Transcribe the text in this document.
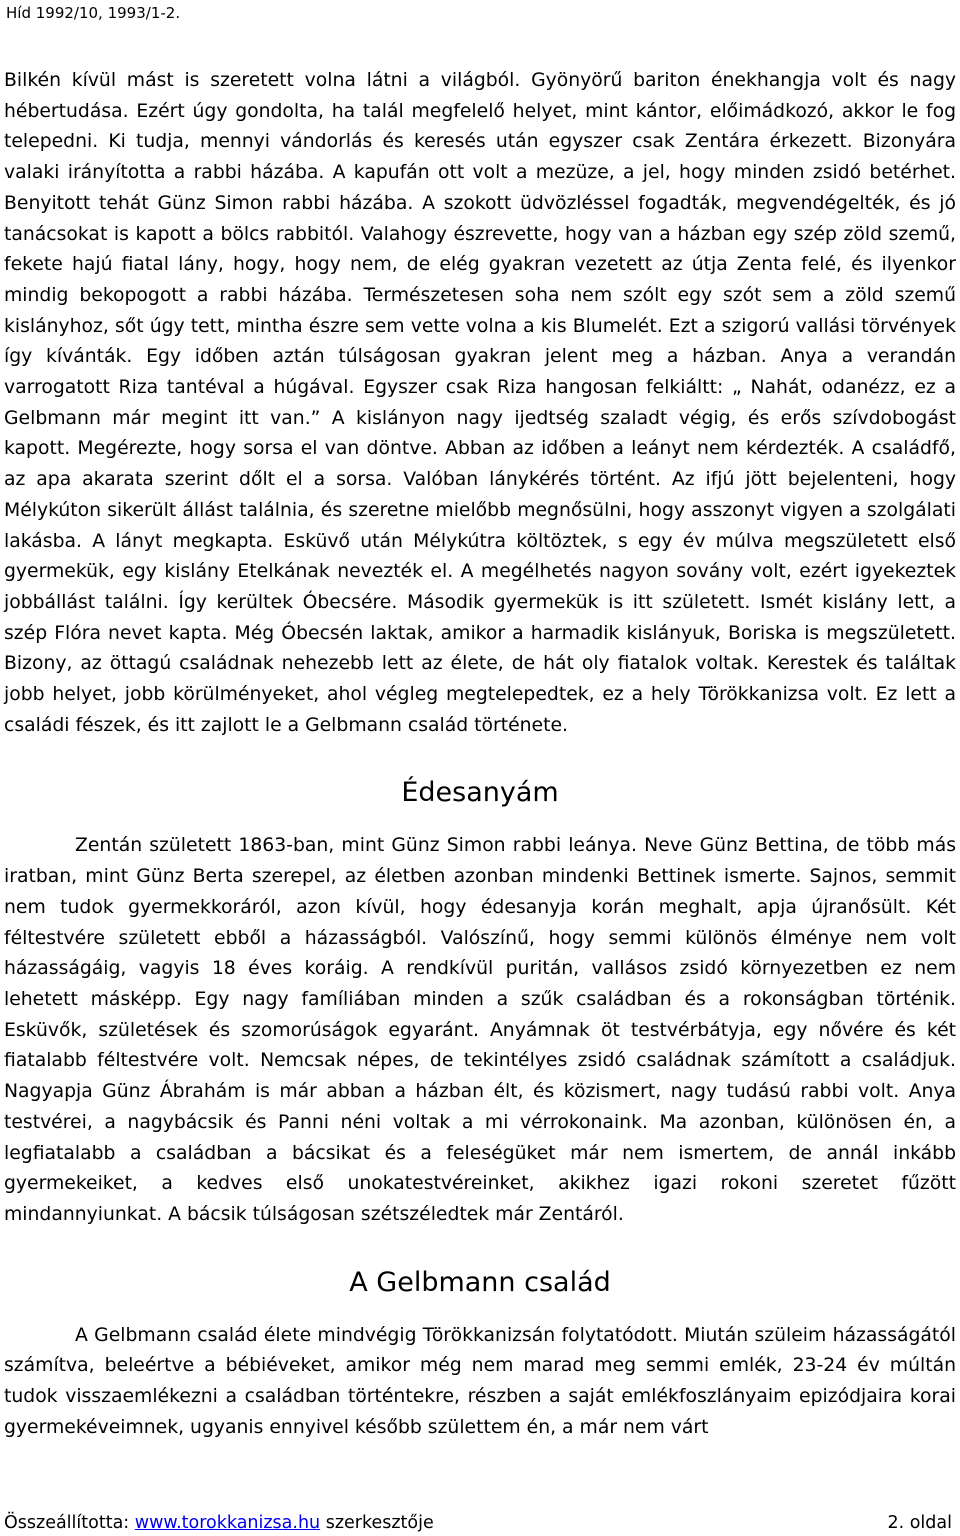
Híd 1992/10, 1993/1-2.

Bilkén kívül mást is szeretett volna látni a világból. Gyönyörű bariton énekhangja volt és nagy hébertudása. Ezért úgy gondolta, ha talál megfelelő helyet, mint kántor, előimádkozó, akkor le fog telepedni. Ki tudja, mennyi vándorlás és keresés után egyszer csak Zentára érkezett. Bizonyára valaki irányította a rabbi házába. A kapufán ott volt a mezüze, a jel, hogy minden zsidó betérhet. Benyitott tehát Günz Simon rabbi házába. A szokott üdvözléssel fogadták, megvendégelték, és jó tanácsokat is kapott a bölcs rabbitól. Valahogy észrevette, hogy van a házban egy szép zöld szemű, fekete hajú fiatal lány, hogy, hogy nem, de elég gyakran vezetett az útja Zenta felé, és ilyenkor mindig bekopogott a rabbi házába. Természetesen soha nem szólt egy szót sem a zöld szemű kislányhoz, sőt úgy tett, mintha észre sem vette volna a kis Blumelét. Ezt a szigorú vallási törvények így kívánták. Egy időben aztán túlságosan gyakran jelent meg a házban. Anya a verandán varrogatott Riza tantéval a húgával. Egyszer csak Riza hangosan felkiáltt: „ Nahát, odanézz, ez a Gelbmann már megint itt van.” A kislányon nagy ijedtség szaladt végig, és erős szívdobogást kapott. Megérezte, hogy sorsa el van döntve. Abban az időben a leányt nem kérdezték. A családfő, az apa akarata szerint dőlt el a sorsa. Valóban lánykérés történt. Az ifjú jött bejelenteni, hogy Mélykúton sikerült állást találnia, és szeretne mielőbb megnősülni, hogy asszonyt vigyen a szolgálati lakásba. A lányt megkapta. Esküvő után Mélykútra költöztek, s egy év múlva megszületett első gyermekük, egy kislány Etelkának nevezték el. A megélhetés nagyon sovány volt, ezért igyekeztek jobbállást találni. Így kerültek Óbecsére. Második gyermekük is itt született. Ismét kislány lett, a szép Flóra nevet kapta. Még Óbecsén laktak, amikor a harmadik kislányuk, Boriska is megszületett. Bizony, az öttagú családnak nehezebb lett az élete, de hát oly fiatalok voltak. Kerestek és találtak jobb helyet, jobb körülményeket, ahol végleg megtelepedtek, ez a hely Törökkanizsa volt. Ez lett a családi fészek, és itt zajlott le a Gelbmann család története.

Édesanyám

Zentán született 1863-ban, mint Günz Simon rabbi leánya. Neve Günz Bettina, de több más iratban, mint Günz Berta szerepel, az életben azonban mindenki Bettinek ismerte. Sajnos, semmit nem tudok gyermekkoráról, azon kívül, hogy édesanyja korán meghalt, apja újranősült. Két féltestvére született ebből a házasságból. Valószínű, hogy semmi különös élménye nem volt házasságáig, vagyis 18 éves koráig. A rendkívül puritán, vallásos zsidó környezetben ez nem lehetett másképp. Egy nagy famíliában minden a szűk családban és a rokonságban történik. Esküvők, születések és szomorúságok egyaránt. Anyámnak öt testvérbátyja, egy nővére és két fiatalabb féltestvére volt. Nemcsak népes, de tekintélyes zsidó családnak számított a családjuk. Nagyapja Günz Ábrahám is már abban a házban élt, és közismert, nagy tudású rabbi volt. Anya testvérei, a nagybácsik és Panni néni voltak a mi vérrokonaink. Ma azonban, különösen én, a legfiatalabb a családban a bácsikat és a feleségüket már nem ismertem, de annál inkább gyermekeiket, a kedves első unokatestvéreinket, akikhez igazi rokoni szeretet fűzött mindannyiunkat. A bácsik túlságosan szétszéledtek már Zentáról.

A Gelbmann család

A Gelbmann család élete mindvégig Törökkanizsán folytatódott. Miután szüleim házasságától számítva, beleértve a bébiéveket, amikor még nem marad meg semmi emlék, 23-24 év múltán tudok visszaemlékezni a családban történtekre, részben a saját emlékfoszlányaim epizódjaira korai gyermekéveimnek, ugyanis ennyivel később születtem én, a már nem várt

Összeállította: www.torokkanizsa.hu szerkesztője	2. oldal
